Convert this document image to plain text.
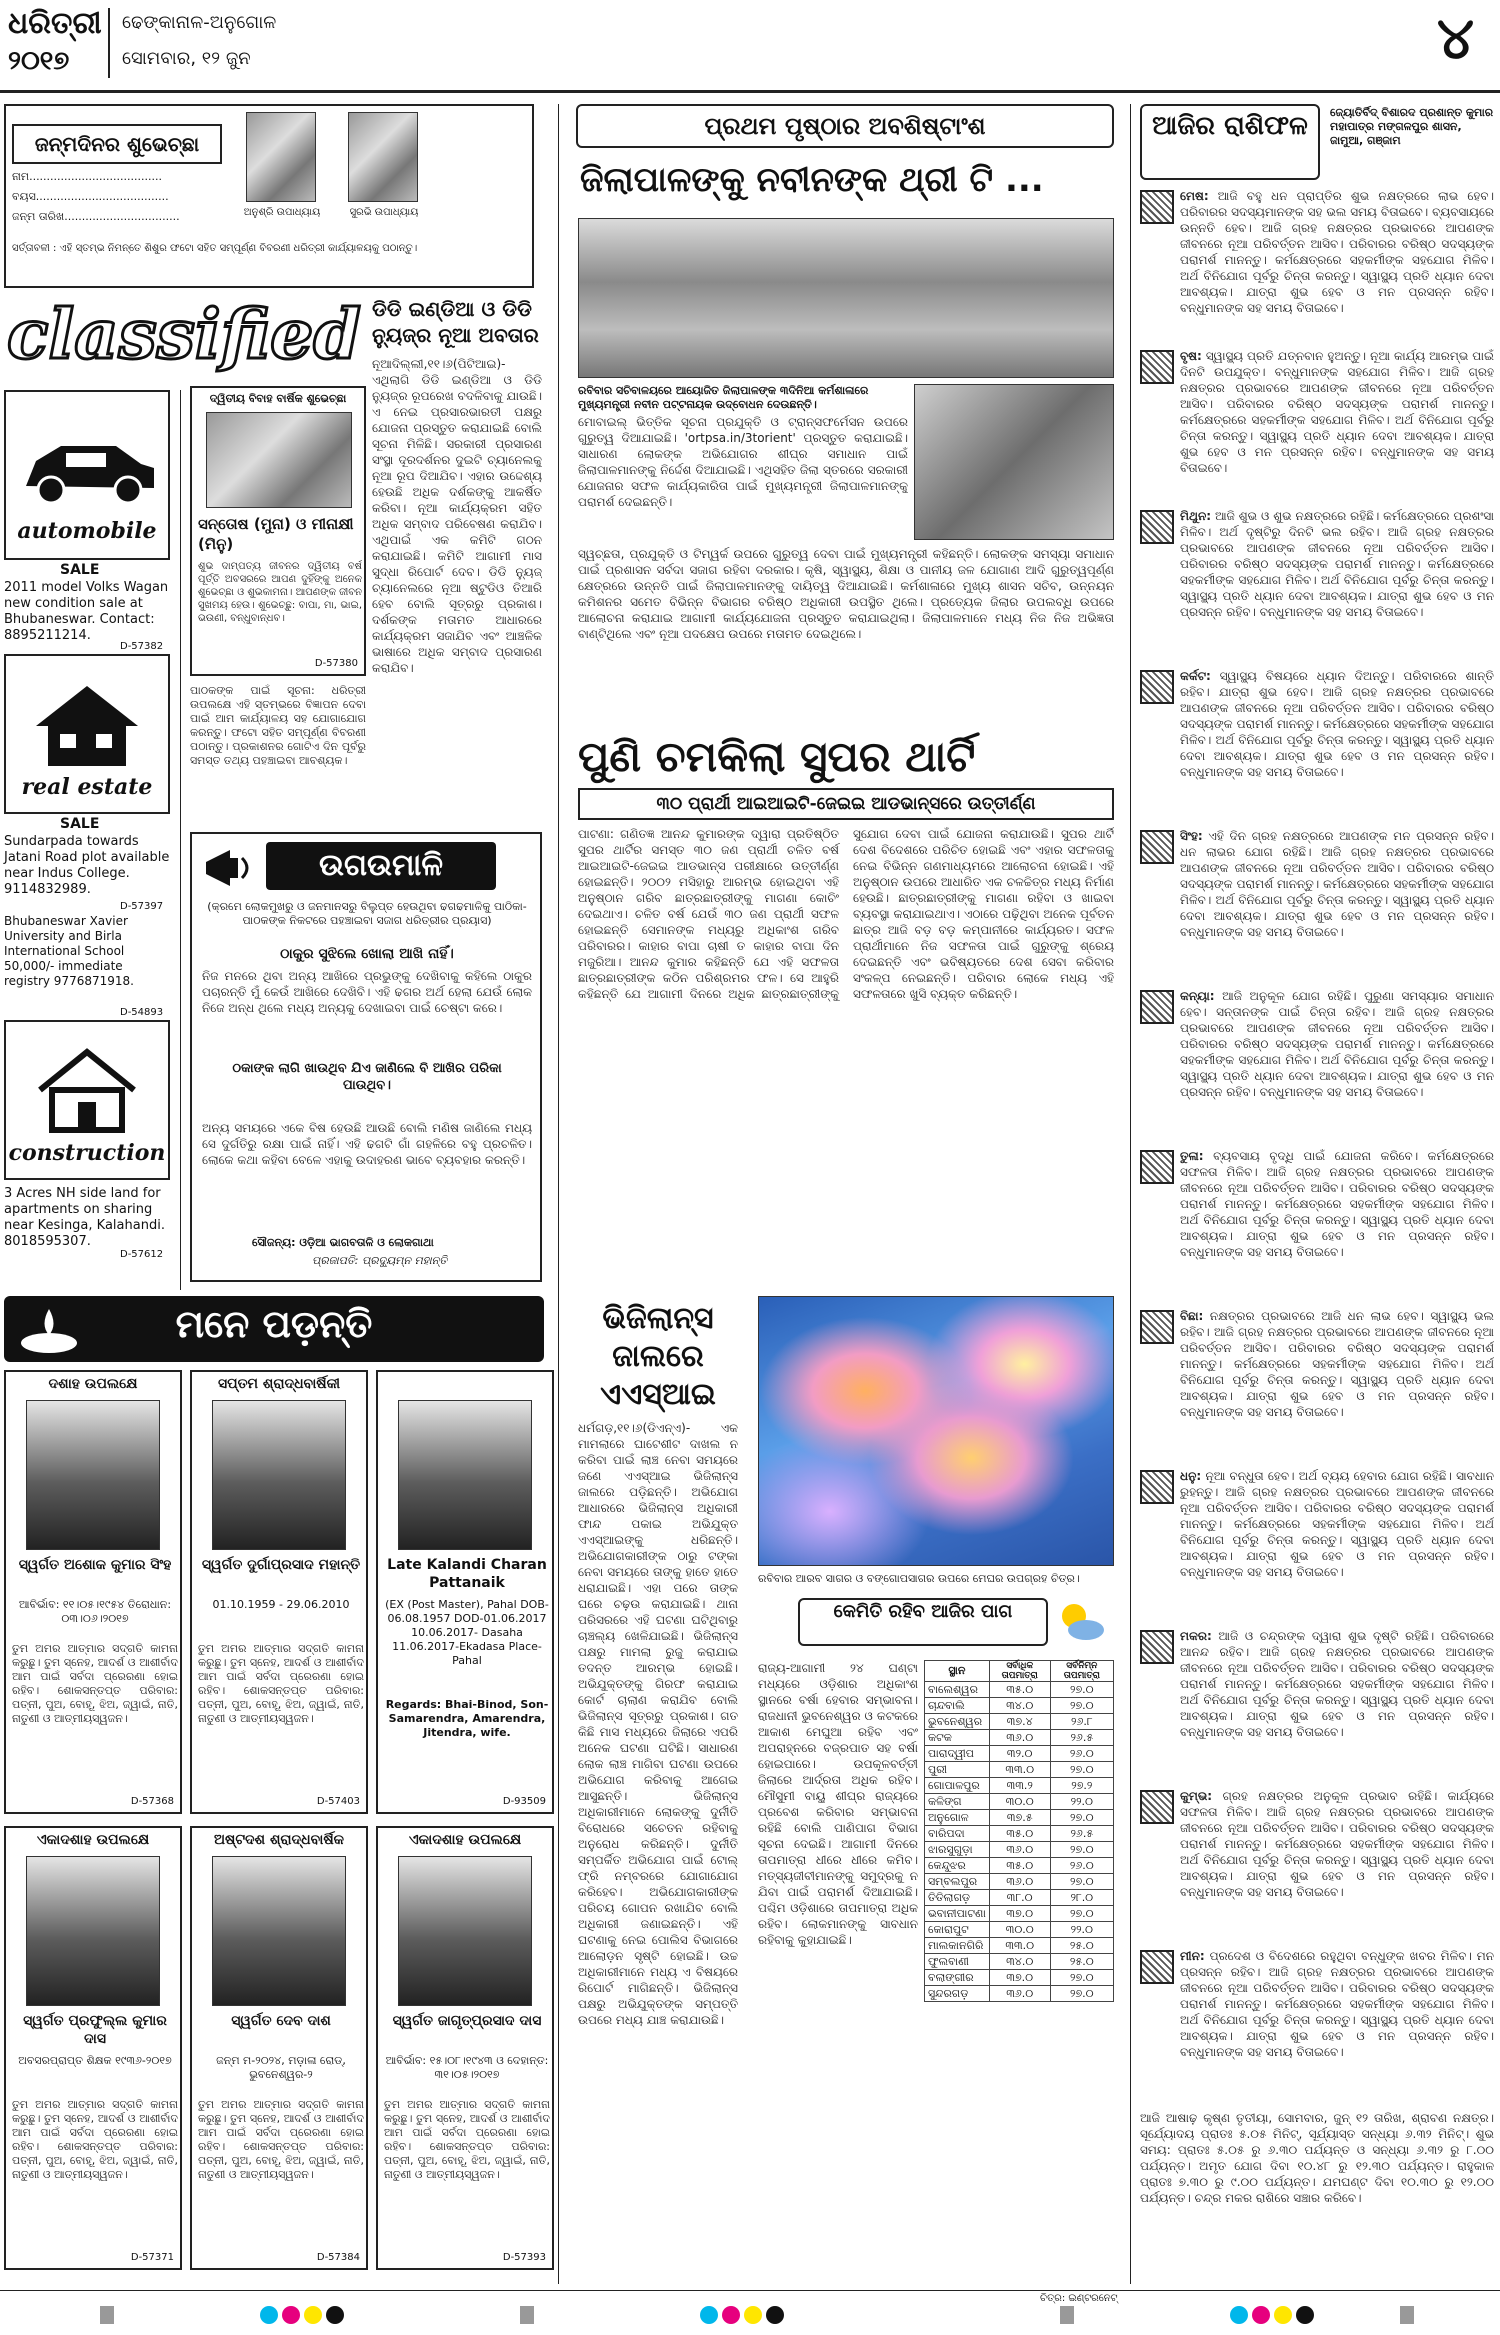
ଧରିତ୍ରୀ
୨୦୧୭
ଢେଙ୍କାନାଳ-ଅନୁଗୋଳ
ସୋମବାର, ୧୨ ଜୁନ	୪
ଜନ୍ମଦିନର ଶୁଭେଚ୍ଛା
ନାମ......................................
ବୟସ......................................
ଜନ୍ମ ତାରିଖ.................................	ଅନୁଶ୍ରି ଉପାଧ୍ୟାୟ	ସୁରଭି ଉପାଧ୍ୟାୟ
ସର୍ତ୍ତାବଳୀ : ଏହି ସ୍ତମ୍ଭ ନିମନ୍ତେ ଶିଶୁର ଫଟୋ ସହିତ ସମ୍ପୂର୍ଣ୍ଣ ବିବରଣୀ ଧରିତ୍ରୀ କାର୍ଯ୍ୟାଳୟକୁ ପଠାନ୍ତୁ।
classified
automobile
SALE
2011 model Volks Wagan new condition sale at Bhubaneswar. Contact: 8895211214.
D-57382
real estate
SALE
Sundarpada towards Jatani Road plot available near Indus College. 9114832989.
D-57397
Bhubaneswar Xavier University and Birla International School 50,000/- immediate registry 9776871918.
D-54893
construction
3 Acres NH side land for apartments on sharing near Kesinga, Kalahandi. 8018595307.
D-57612
ଡିଡି ଇଣ୍ଡିଆ ଓ ଡିଡି ନ୍ୟୁଜ୍‌ର ନୂଆ ଅବତାର
ନୂଆଦିଲ୍ଲୀ,୧୧।୬(ପିଟିଆଇ)- ଏଥିଲାଗି ଡିଡି ଇଣ୍ଡିଆ ଓ ଡିଡି ନ୍ୟୁଜ୍‌ର ରୂପରେଖ ବଦଳିବାକୁ ଯାଉଛି। ଏ ନେଇ ପ୍ରସାରଭାରତୀ ପକ୍ଷରୁ ଯୋଜନା ପ୍ରସ୍ତୁତ କରାଯାଇଛି ବୋଲି ସୂଚନା ମିଳିଛି। ସରକାରୀ ପ୍ରସାରଣ ସଂସ୍ଥା ଦୂରଦର୍ଶନର ଦୁଇଟି ଚ୍ୟାନେଲକୁ ନୂଆ ରୂପ ଦିଆଯିବ। ଏହାର ଉଦ୍ଦେଶ୍ୟ ହେଉଛି ଅଧିକ ଦର୍ଶକଙ୍କୁ ଆକର୍ଷିତ କରିବା। ନୂଆ କାର୍ଯ୍ୟକ୍ରମ ସହିତ ଅଧିକ ସମ୍ବାଦ ପରିବେଷଣ କରାଯିବ। ଏଥିପାଇଁ ଏକ କମିଟି ଗଠନ କରାଯାଇଛି। କମିଟି ଆଗାମୀ ମାସ ସୁଦ୍ଧା ରିପୋର୍ଟ ଦେବ। ଡିଡି ନ୍ୟୁଜ୍ ଚ୍ୟାନେଲରେ ନୂଆ ଷ୍ଟୁଡିଓ ତିଆରି ହେବ ବୋଲି ସୂତ୍ରରୁ ପ୍ରକାଶ। ଦର୍ଶକଙ୍କ ମତାମତ ଆଧାରରେ କାର୍ଯ୍ୟକ୍ରମ ସଜାଯିବ ଏବଂ ଆଞ୍ଚଳିକ ଭାଷାରେ ଅଧିକ ସମ୍ବାଦ ପ୍ରସାରଣ କରାଯିବ।
ଦ୍ୱିତୀୟ ବିବାହ ବାର୍ଷିକ ଶୁଭେଚ୍ଛା
ସନ୍ତୋଷ (ମୁନା) ଓ ମୀନାକ୍ଷୀ (ମିନୁ)
ଶୁଭ ଦାମ୍ପତ୍ୟ ଜୀବନର ଦ୍ୱିତୀୟ ବର୍ଷ ପୂର୍ତ୍ତି ଅବସରରେ ଆପଣ ଦୁହିଁଙ୍କୁ ଅନେକ ଶୁଭେଚ୍ଛା ଓ ଶୁଭକାମନା। ଆପଣଙ୍କ ଜୀବନ ସୁଖମୟ ହେଉ। ଶୁଭେଚ୍ଛୁ: ବାପା, ମା, ଭାଇ, ଭଉଣୀ, ବନ୍ଧୁବାନ୍ଧବ।
D-57380
ପାଠକଙ୍କ ପାଇଁ ସୂଚନା: ଧରିତ୍ରୀ ଉପଲକ୍ଷେ ଏହି ସ୍ତମ୍ଭରେ ବିଜ୍ଞାପନ ଦେବା ପାଇଁ ଆମ କାର୍ଯ୍ୟାଳୟ ସହ ଯୋଗାଯୋଗ କରନ୍ତୁ। ଫଟୋ ସହିତ ସମ୍ପୂର୍ଣ୍ଣ ବିବରଣୀ ପଠାନ୍ତୁ। ପ୍ରକାଶନର ଗୋଟିଏ ଦିନ ପୂର୍ବରୁ ସମସ୍ତ ତଥ୍ୟ ପହଞ୍ଚାଇବା ଆବଶ୍ୟକ।
ଉଗଉମାଳି
(କ୍ରମେ ଲୋକମୁଖରୁ ଓ ଜନମାନସରୁ ବିଲୁପ୍ତ ହେଉଥିବା ଢଗଢମାଳିକୁ ପାଠିକା-ପାଠକଙ୍କ ନିକଟରେ ପହଞ୍ଚାଇବା ସଜାଗ ଧରିତ୍ରୀର ପ୍ରୟାସ)
ଠାକୁର ସୁଝିଲେ ଖୋଲା ଆଖି ନାହିଁ।
ନିଜ ମନରେ ଥିବା ଅନ୍ୟ ଆଖିରେ ପ୍ରଭୁଙ୍କୁ ଦେଖିବାକୁ କହିଲେ ଠାକୁର ପଚାରନ୍ତି ମୁଁ କେଉଁ ଆଖିରେ ଦେଖିବି। ଏହି ଢଗର ଅର୍ଥ ହେଲା ଯେଉଁ ଲୋକ ନିଜେ ଅନ୍ଧ ଥିଲେ ମଧ୍ୟ ଅନ୍ୟକୁ ଦେଖାଇବା ପାଇଁ ଚେଷ୍ଟା କରେ।
ଠକାଙ୍କ ଲାଗି ଖାଉଥିବ ଯିଏ ଜାଣିଲେ ବି ଆଖିର ପରିକା ପାଉଥିବ।
ଅନ୍ୟ ସମୟରେ ଏକେ ବିଷ ହେଉଛି ଆଉଛି ବୋଲି ମଣିଷ ଜାଣିଲେ ମଧ୍ୟ ସେ ଦୁର୍ଗତିରୁ ରକ୍ଷା ପାଇଁ ନାହିଁ। ଏହି ଢଗଟି ଗାଁ ଗହଳିରେ ବହୁ ପ୍ରଚଳିତ। ଲୋକେ କଥା କହିବା ବେଳେ ଏହାକୁ ଉଦାହରଣ ଭାବେ ବ୍ୟବହାର କରନ୍ତି।
ସୌଜନ୍ୟ: ଓଡ଼ିଆ ଭାଗବତାଳି ଓ ଲୋକଗାଥା
ପ୍ରଜାପତି: ପ୍ରଦ୍ୟୁମ୍ନ ମହାନ୍ତି
ମନେ ପଡ଼ନ୍ତି
ଦଶାହ ଉପଲକ୍ଷେ
ସ୍ୱର୍ଗତ ଅଶୋକ କୁମାର ସିଂହ
ଆବିର୍ଭାବ: ୧୧।୦୫।୧୯୫୪ ତିରୋଧାନ: ୦୩।୦୬।୨୦୧୭
ତୁମ ଅମର ଆତ୍ମାର ସଦ୍‌ଗତି କାମନା କରୁଛୁ। ତୁମ ସ୍ନେହ, ଆଦର୍ଶ ଓ ଆଶୀର୍ବାଦ ଆମ ପାଇଁ ସର୍ବଦା ପ୍ରେରଣା ହୋଇ ରହିବ। ଶୋକସନ୍ତପ୍ତ ପରିବାର: ପତ୍ନୀ, ପୁଅ, ବୋହୂ, ଝିଅ, ଜ୍ୱାଇଁ, ନାତି, ନାତୁଣୀ ଓ ଆତ୍ମୀୟସ୍ୱଜନ।
D-57368
ସପ୍ତମ ଶ୍ରାଦ୍ଧବାର୍ଷିକୀ
ସ୍ୱର୍ଗତ ଦୁର୍ଗାପ୍ରସାଦ ମହାନ୍ତି
01.10.1959 - 29.06.2010
ତୁମ ଅମର ଆତ୍ମାର ସଦ୍‌ଗତି କାମନା କରୁଛୁ। ତୁମ ସ୍ନେହ, ଆଦର୍ଶ ଓ ଆଶୀର୍ବାଦ ଆମ ପାଇଁ ସର୍ବଦା ପ୍ରେରଣା ହୋଇ ରହିବ। ଶୋକସନ୍ତପ୍ତ ପରିବାର: ପତ୍ନୀ, ପୁଅ, ବୋହୂ, ଝିଅ, ଜ୍ୱାଇଁ, ନାତି, ନାତୁଣୀ ଓ ଆତ୍ମୀୟସ୍ୱଜନ।
D-57403
Late Kalandi Charan Pattanaik
(EX (Post Master), Pahal DOB-06.08.1957 DOD-01.06.2017 10.06.2017- Dasaha 11.06.2017-Ekadasa Place-Pahal
Regards: Bhai-Binod, Son-Samarendra, Amarendra, Jitendra, wife.
D-93509
ଏକାଦଶାହ ଉପଲକ୍ଷେ
ସ୍ୱର୍ଗତ ପ୍ରଫୁଲ୍ଲ କୁମାର ଦାସ
ଅବସରପ୍ରାପ୍ତ ଶିକ୍ଷକ ୧୯୩୬-୨୦୧୭
ତୁମ ଅମର ଆତ୍ମାର ସଦ୍‌ଗତି କାମନା କରୁଛୁ। ତୁମ ସ୍ନେହ, ଆଦର୍ଶ ଓ ଆଶୀର୍ବାଦ ଆମ ପାଇଁ ସର୍ବଦା ପ୍ରେରଣା ହୋଇ ରହିବ। ଶୋକସନ୍ତପ୍ତ ପରିବାର: ପତ୍ନୀ, ପୁଅ, ବୋହୂ, ଝିଅ, ଜ୍ୱାଇଁ, ନାତି, ନାତୁଣୀ ଓ ଆତ୍ମୀୟସ୍ୱଜନ।
D-57371
ଅଷ୍ଟଦଶ ଶ୍ରାଦ୍ଧବାର୍ଷିକ
ସ୍ୱର୍ଗତ ଦେବ ଦାଶ
ଜନ୍ମ ମ-୨୦୨୪, ମଡ଼ାଳା ରୋଡ୍, ଭୁବନେଶ୍ୱର-୨
ତୁମ ଅମର ଆତ୍ମାର ସଦ୍‌ଗତି କାମନା କରୁଛୁ। ତୁମ ସ୍ନେହ, ଆଦର୍ଶ ଓ ଆଶୀର୍ବାଦ ଆମ ପାଇଁ ସର୍ବଦା ପ୍ରେରଣା ହୋଇ ରହିବ। ଶୋକସନ୍ତପ୍ତ ପରିବାର: ପତ୍ନୀ, ପୁଅ, ବୋହୂ, ଝିଅ, ଜ୍ୱାଇଁ, ନାତି, ନାତୁଣୀ ଓ ଆତ୍ମୀୟସ୍ୱଜନ।
D-57384
ଏକାଦଶାହ ଉପଲକ୍ଷେ
ସ୍ୱର୍ଗତ ଜାଗୃତ୍‌ପ୍ରସାଦ ଦାସ
ଆବିର୍ଭାବ: ୧୫।୦୮।୧୯୪୩ ଓ ଦେହାନ୍ତ: ୩୧।୦୫।୨୦୧୭
ତୁମ ଅମର ଆତ୍ମାର ସଦ୍‌ଗତି କାମନା କରୁଛୁ। ତୁମ ସ୍ନେହ, ଆଦର୍ଶ ଓ ଆଶୀର୍ବାଦ ଆମ ପାଇଁ ସର୍ବଦା ପ୍ରେରଣା ହୋଇ ରହିବ। ଶୋକସନ୍ତପ୍ତ ପରିବାର: ପତ୍ନୀ, ପୁଅ, ବୋହୂ, ଝିଅ, ଜ୍ୱାଇଁ, ନାତି, ନାତୁଣୀ ଓ ଆତ୍ମୀୟସ୍ୱଜନ।
D-57393
ପ୍ରଥମ ପୃଷ୍ଠାର ଅବଶିଷ୍ଟାଂଶ
ଜିଲାପାଳଙ୍କୁ ନବୀନଙ୍କ ଥ୍ରୀ ଟି ...
ରବିବାର ସଚିବାଳୟରେ ଆୟୋଜିତ ଜିଲାପାଳଙ୍କ ୩ଦିନିଆ କର୍ମଶାଳାରେ ମୁଖ୍ୟମନ୍ତ୍ରୀ ନବୀନ ପଟ୍ଟନାୟକ ଉଦ୍‌ବୋଧନ ଦେଉଛନ୍ତି।
ମୋବାଇଲ୍‌ ଭିତ୍ତିକ ସୂଚନା ପ୍ରଯୁକ୍ତି ଓ ଟ୍ରାନ୍ସଫର୍ମେସନ ଉପରେ ଗୁରୁତ୍ୱ ଦିଆଯାଇଛି। 'ortpsa.in/3torient' ପ୍ରସ୍ତୁତ କରାଯାଇଛି। ସାଧାରଣ ଲୋକଙ୍କ ଅଭିଯୋଗର ଶୀଘ୍ର ସମାଧାନ ପାଇଁ ଜିଲାପାଳମାନଙ୍କୁ ନିର୍ଦ୍ଦେଶ ଦିଆଯାଇଛି। ଏଥିସହିତ ଜିଲା ସ୍ତରରେ ସରକାରୀ ଯୋଜନାର ସଫଳ କାର୍ଯ୍ୟକାରିତା ପାଇଁ ମୁଖ୍ୟମନ୍ତ୍ରୀ ଜିଲାପାଳମାନଙ୍କୁ ପରାମର୍ଶ ଦେଇଛନ୍ତି।
ସ୍ୱଚ୍ଛତା, ପ୍ରଯୁକ୍ତି ଓ ଟିମ୍‌ୱର୍କ ଉପରେ ଗୁରୁତ୍ୱ ଦେବା ପାଇଁ ମୁଖ୍ୟମନ୍ତ୍ରୀ କହିଛନ୍ତି। ଲୋକଙ୍କ ସମସ୍ୟା ସମାଧାନ ପାଇଁ ପ୍ରଶାସନ ସର୍ବଦା ସଜାଗ ରହିବା ଦରକାର। କୃଷି, ସ୍ୱାସ୍ଥ୍ୟ, ଶିକ୍ଷା ଓ ପାନୀୟ ଜଳ ଯୋଗାଣ ଆଦି ଗୁରୁତ୍ୱପୂର୍ଣ୍ଣ କ୍ଷେତ୍ରରେ ଉନ୍ନତି ପାଇଁ ଜିଲାପାଳମାନଙ୍କୁ ଦାୟିତ୍ୱ ଦିଆଯାଇଛି। କର୍ମଶାଳାରେ ମୁଖ୍ୟ ଶାସନ ସଚିବ, ଉନ୍ନୟନ କମିଶନର ସମେତ ବିଭିନ୍ନ ବିଭାଗର ବରିଷ୍ଠ ଅଧିକାରୀ ଉପସ୍ଥିତ ଥିଲେ। ପ୍ରତ୍ୟେକ ଜିଲାର ଉପଲବ୍ଧି ଉପରେ ଆଲୋଚନା କରାଯାଇ ଆଗାମୀ କାର୍ଯ୍ୟଯୋଜନା ପ୍ରସ୍ତୁତ କରାଯାଇଥିଲା। ଜିଲାପାଳମାନେ ମଧ୍ୟ ନିଜ ନିଜ ଅଭିଜ୍ଞତା ବାଣ୍ଟିଥିଲେ ଏବଂ ନୂଆ ପଦକ୍ଷେପ ଉପରେ ମତାମତ ଦେଇଥିଲେ।
ପୁଣି ଚମକିଲା ସୁପର ଥାର୍ଟି
୩୦ ପ୍ରାର୍ଥୀ ଆଇଆଇଟି-ଜେଇଇ ଆଡଭାନ୍ସରେ ଉତ୍ତୀର୍ଣ୍ଣ
ପାଟଣା: ଗଣିତଜ୍ଞ ଆନନ୍ଦ କୁମାରଙ୍କ ଦ୍ୱାରା ପ୍ରତିଷ୍ଠିତ ସୁପର ଥାର୍ଟିର ସମସ୍ତ ୩୦ ଜଣ ପ୍ରାର୍ଥୀ ଚଳିତ ବର୍ଷ ଆଇଆଇଟି-ଜେଇଇ ଆଡଭାନ୍ସ ପରୀକ୍ଷାରେ ଉତ୍ତୀର୍ଣ୍ଣ ହୋଇଛନ୍ତି। ୨୦୦୨ ମସିହାରୁ ଆରମ୍ଭ ହୋଇଥିବା ଏହି ଅନୁଷ୍ଠାନ ଗରିବ ଛାତ୍ରଛାତ୍ରୀଙ୍କୁ ମାଗଣା କୋଚିଂ ଦେଇଥାଏ। ଚଳିତ ବର୍ଷ ଯେଉଁ ୩୦ ଜଣ ପ୍ରାର୍ଥୀ ସଫଳ ହୋଇଛନ୍ତି ସେମାନଙ୍କ ମଧ୍ୟରୁ ଅଧିକାଂଶ ଗରିବ ପରିବାରର। କାହାର ବାପା ଚାଷୀ ତ କାହାର ବାପା ଦିନ ମଜୁରିଆ। ଆନନ୍ଦ କୁମାର କହିଛନ୍ତି ଯେ ଏହି ସଫଳତା ଛାତ୍ରଛାତ୍ରୀଙ୍କ କଠିନ ପରିଶ୍ରମର ଫଳ। ସେ ଆହୁରି କହିଛନ୍ତି ଯେ ଆଗାମୀ ଦିନରେ ଅଧିକ ଛାତ୍ରଛାତ୍ରୀଙ୍କୁ ସୁଯୋଗ ଦେବା ପାଇଁ ଯୋଜନା କରାଯାଉଛି। ସୁପର ଥାର୍ଟି ଦେଶ ବିଦେଶରେ ପରିଚିତ ହୋଇଛି ଏବଂ ଏହାର ସଫଳତାକୁ ନେଇ ବିଭିନ୍ନ ଗଣମାଧ୍ୟମରେ ଆଲୋଚନା ହୋଇଛି। ଏହି ଅନୁଷ୍ଠାନ ଉପରେ ଆଧାରିତ ଏକ ଚଳଚ୍ଚିତ୍ର ମଧ୍ୟ ନିର୍ମାଣ ହେଉଛି। ଛାତ୍ରଛାତ୍ରୀଙ୍କୁ ମାଗଣା ରହିବା ଓ ଖାଇବା ବ୍ୟବସ୍ଥା କରାଯାଇଥାଏ। ଏଠାରେ ପଢ଼ିଥିବା ଅନେକ ପୂର୍ବତନ ଛାତ୍ର ଆଜି ବଡ଼ ବଡ଼ କମ୍ପାନୀରେ କାର୍ଯ୍ୟରତ। ସଫଳ ପ୍ରାର୍ଥୀମାନେ ନିଜ ସଫଳତା ପାଇଁ ଗୁରୁଙ୍କୁ ଶ୍ରେୟ ଦେଇଛନ୍ତି ଏବଂ ଭବିଷ୍ୟତରେ ଦେଶ ସେବା କରିବାର ସଂକଳ୍ପ ନେଇଛନ୍ତି। ପରିବାର ଲୋକେ ମଧ୍ୟ ଏହି ସଫଳତାରେ ଖୁସି ବ୍ୟକ୍ତ କରିଛନ୍ତି।
ଭିଜିଲାନ୍ସ ଜାଲରେ ଏଏସ୍‌ଆଇ
ଧର୍ମଗଡ଼,୧୧।୬(ଡିଏନ୍‌ଏ)- ଏକ ମାମଲାରେ ଘାଟେଶୀଟ ଦାଖଲ ନ କରିବା ପାଇଁ ଲାଞ୍ଚ ନେବା ସମୟରେ ଜଣେ ଏଏସ୍‌ଆଇ ଭିଜିଲାନ୍ସ ଜାଲରେ ପଡ଼ିଛନ୍ତି। ଅଭିଯୋଗ ଆଧାରରେ ଭିଜିଲାନ୍ସ ଅଧିକାରୀ ଫାନ୍ଦ ପକାଇ ଅଭିଯୁକ୍ତ ଏଏସ୍‌ଆଇଙ୍କୁ ଧରିଛନ୍ତି। ଅଭିଯୋଗକାରୀଙ୍କ ଠାରୁ ଟଙ୍କା ନେବା ସମୟରେ ତାଙ୍କୁ ହାତେ ହାତେ ଧରାଯାଇଛି। ଏହା ପରେ ତାଙ୍କ ଘରେ ଚଢ଼ଉ କରାଯାଇଛି। ଥାନା ପରିସରରେ ଏହି ଘଟଣା ଘଟିଥିବାରୁ ଚାଞ୍ଚଲ୍ୟ ଖେଳିଯାଇଛି। ଭିଜିଲାନ୍ସ ପକ୍ଷରୁ ମାମଲା ରୁଜୁ କରାଯାଇ ତଦନ୍ତ ଆରମ୍ଭ ହୋଇଛି। ଅଭିଯୁକ୍ତଙ୍କୁ ଗିରଫ କରାଯାଇ କୋର୍ଟ ଚାଲାଣ କରାଯିବ ବୋଲି ଭିଜିଲାନ୍ସ ସୂତ୍ରରୁ ପ୍ରକାଶ। ଗତ କିଛି ମାସ ମଧ୍ୟରେ ଜିଲାରେ ଏପରି ଅନେକ ଘଟଣା ଘଟିଛି। ସାଧାରଣ ଲୋକ ଲାଞ୍ଚ ମାଗିବା ଘଟଣା ଉପରେ ଅଭିଯୋଗ କରିବାକୁ ଆଗେଇ ଆସୁଛନ୍ତି। ଭିଜିଲାନ୍ସ ଅଧିକାରୀମାନେ ଲୋକଙ୍କୁ ଦୁର୍ନୀତି ବିରୋଧରେ ସଚେତନ ରହିବାକୁ ଅନୁରୋଧ କରିଛନ୍ତି। ଦୁର୍ନୀତି ସମ୍ପର୍କିତ ଅଭିଯୋଗ ପାଇଁ ଟୋଲ୍ ଫ୍ରି ନମ୍ବରରେ ଯୋଗାଯୋଗ କରିହେବ। ଅଭିଯୋଗକାରୀଙ୍କ ପରିଚୟ ଗୋପନ ରଖାଯିବ ବୋଲି ଅଧିକାରୀ ଜଣାଇଛନ୍ତି। ଏହି ଘଟଣାକୁ ନେଇ ପୋଲିସ ବିଭାଗରେ ଆଲୋଡ଼ନ ସୃଷ୍ଟି ହୋଇଛି। ଉଚ୍ଚ ଅଧିକାରୀମାନେ ମଧ୍ୟ ଏ ବିଷୟରେ ରିପୋର୍ଟ ମାଗିଛନ୍ତି। ଭିଜିଲାନ୍ସ ପକ୍ଷରୁ ଅଭିଯୁକ୍ତଙ୍କ ସମ୍ପତ୍ତି ଉପରେ ମଧ୍ୟ ଯାଞ୍ଚ କରାଯାଉଛି।
ରବିବାର ଆରବ ସାଗର ଓ ବଙ୍ଗୋପସାଗର ଉପରେ ମେଘର ଉପଗ୍ରହ ଚିତ୍ର।
କେମିତି ରହିବ ଆଜିର ପାଗ
ରାଜ୍ୟ-ଆଗାମୀ ୨୪ ଘଣ୍ଟା ମଧ୍ୟରେ ଓଡ଼ିଶାର ଅଧିକାଂଶ ସ୍ଥାନରେ ବର୍ଷା ହେବାର ସମ୍ଭାବନା। ରାଜଧାନୀ ଭୁବନେଶ୍ୱର ଓ କଟକରେ ଆକାଶ ମେଘୁଆ ରହିବ ଏବଂ ଅପରାହ୍ନରେ ବଜ୍ରପାତ ସହ ବର୍ଷା ହୋଇପାରେ। ଉପକୂଳବର୍ତ୍ତୀ ଜିଲାରେ ଆର୍ଦ୍ରତା ଅଧିକ ରହିବ। ମୌସୁମୀ ବାୟୁ ଶୀଘ୍ର ରାଜ୍ୟରେ ପ୍ରବେଶ କରିବାର ସମ୍ଭାବନା ରହିଛି ବୋଲି ପାଣିପାଗ ବିଭାଗ ସୂଚନା ଦେଇଛି। ଆଗାମୀ ଦିନରେ ତାପମାତ୍ରା ଧୀରେ ଧୀରେ କମିବ। ମତ୍ସ୍ୟଜୀବୀମାନଙ୍କୁ ସମୁଦ୍ରକୁ ନ ଯିବା ପାଇଁ ପରାମର୍ଶ ଦିଆଯାଇଛି। ପଶ୍ଚିମ ଓଡ଼ିଶାରେ ତାପମାତ୍ରା ଅଧିକ ରହିବ। ଲୋକମାନଙ୍କୁ ସାବଧାନ ରହିବାକୁ କୁହାଯାଇଛି।
ସ୍ଥାନ	ସର୍ବାଧିକ ତାପମାତ୍ରା	ସର୍ବନିମ୍ନ ତାପମାତ୍ରା
ବାଲେଶ୍ୱର	୩୫.୦	୨୭.୦
ଚାନ୍ଦବାଲି	୩୪.୦	୨୭.୦
ଭୁବନେଶ୍ୱର	୩୭.୪	୨୬.୮
କଟକ	୩୬.୦	୨୬.୫
ପାରାଦ୍ୱୀପ	୩୨.୦	୨୬.୦
ପୁରୀ	୩୩.୦	୨୭.୦
ଗୋପାଳପୁର	୩୩.୨	୨୭.୨
କଳିଙ୍ଗ	୩୦.୦	୨୨.୦
ଅନୁଗୋଳ	୩୭.୫	୨୭.୦
ବାରିପଦା	୩୫.୦	୨୬.୫
ଝାରସୁଗୁଡ଼ା	୩୬.୦	୨୭.୦
କେନ୍ଦୁଝର	୩୫.୦	୨୬.୦
ସମ୍ବଲପୁର	୩୬.୦	୨୭.୦
ତିତିଲାଗଡ଼	୩୮.୦	୨୮.୦
ଭବାନୀପାଟଣା	୩୭.୦	୨୭.୦
କୋରାପୁଟ	୩୦.୦	୨୨.୦
ମାଲକାନଗିରି	୩୩.୦	୨୫.୦
ଫୁଲବାଣୀ	୩୪.୦	୨୫.୦
ବଲାଙ୍ଗୀର	୩୭.୦	୨୭.୦
ସୁନ୍ଦରଗଡ଼	୩୬.୦	୨୭.୦
ଚିତ୍ର: ଇଣ୍ଟରନେଟ୍‌
ଆଜିର ରାଶିଫଳ	ଜ୍ୟୋତିର୍ବିଦ୍ ବିଶାରଦ ପ୍ରଶାନ୍ତ କୁମାର ମହାପାତ୍ର ମଙ୍ଗଳପୁର ଶାସନ, ଜାମୁଆ, ଗଞ୍ଜାମ
ମେଷ: ଆଜି ବହୁ ଧନ ପ୍ରାପ୍ତିର ଶୁଭ ନକ୍ଷତ୍ରରେ ଲାଭ ହେବ। ପରିବାରର ସଦସ୍ୟମାନଙ୍କ ସହ ଭଲ ସମୟ ବିତାଇବେ। ବ୍ୟବସାୟରେ ଉନ୍ନତି ହେବ। ଆଜି ଗ୍ରହ ନକ୍ଷତ୍ରର ପ୍ରଭାବରେ ଆପଣଙ୍କ ଜୀବନରେ ନୂଆ ପରିବର୍ତ୍ତନ ଆସିବ। ପରିବାରର ବରିଷ୍ଠ ସଦସ୍ୟଙ୍କ ପରାମର୍ଶ ମାନନ୍ତୁ। କର୍ମକ୍ଷେତ୍ରରେ ସହକର୍ମୀଙ୍କ ସହଯୋଗ ମିଳିବ। ଅର୍ଥ ବିନିଯୋଗ ପୂର୍ବରୁ ଚିନ୍ତା କରନ୍ତୁ। ସ୍ୱାସ୍ଥ୍ୟ ପ୍ରତି ଧ୍ୟାନ ଦେବା ଆବଶ୍ୟକ। ଯାତ୍ରା ଶୁଭ ହେବ ଓ ମନ ପ୍ରସନ୍ନ ରହିବ। ବନ୍ଧୁମାନଙ୍କ ସହ ସମୟ ବିତାଇବେ।
ବୃଷ: ସ୍ୱାସ୍ଥ୍ୟ ପ୍ରତି ଯତ୍ନବାନ ହୁଅନ୍ତୁ। ନୂଆ କାର୍ଯ୍ୟ ଆରମ୍ଭ ପାଇଁ ଦିନଟି ଉପଯୁକ୍ତ। ବନ୍ଧୁମାନଙ୍କ ସହଯୋଗ ମିଳିବ। ଆଜି ଗ୍ରହ ନକ୍ଷତ୍ରର ପ୍ରଭାବରେ ଆପଣଙ୍କ ଜୀବନରେ ନୂଆ ପରିବର୍ତ୍ତନ ଆସିବ। ପରିବାରର ବରିଷ୍ଠ ସଦସ୍ୟଙ୍କ ପରାମର୍ଶ ମାନନ୍ତୁ। କର୍ମକ୍ଷେତ୍ରରେ ସହକର୍ମୀଙ୍କ ସହଯୋଗ ମିଳିବ। ଅର୍ଥ ବିନିଯୋଗ ପୂର୍ବରୁ ଚିନ୍ତା କରନ୍ତୁ। ସ୍ୱାସ୍ଥ୍ୟ ପ୍ରତି ଧ୍ୟାନ ଦେବା ଆବଶ୍ୟକ। ଯାତ୍ରା ଶୁଭ ହେବ ଓ ମନ ପ୍ରସନ୍ନ ରହିବ। ବନ୍ଧୁମାନଙ୍କ ସହ ସମୟ ବିତାଇବେ।
ମିଥୁନ: ଆଜି ଶୁଭ ଓ ଶୁଭ ନକ୍ଷତ୍ରରେ ରହିଛି। କର୍ମକ୍ଷେତ୍ରରେ ପ୍ରଶଂସା ମିଳିବ। ଅର୍ଥ ଦୃଷ୍ଟିରୁ ଦିନଟି ଭଲ ରହିବ। ଆଜି ଗ୍ରହ ନକ୍ଷତ୍ରର ପ୍ରଭାବରେ ଆପଣଙ୍କ ଜୀବନରେ ନୂଆ ପରିବର୍ତ୍ତନ ଆସିବ। ପରିବାରର ବରିଷ୍ଠ ସଦସ୍ୟଙ୍କ ପରାମର୍ଶ ମାନନ୍ତୁ। କର୍ମକ୍ଷେତ୍ରରେ ସହକର୍ମୀଙ୍କ ସହଯୋଗ ମିଳିବ। ଅର୍ଥ ବିନିଯୋଗ ପୂର୍ବରୁ ଚିନ୍ତା କରନ୍ତୁ। ସ୍ୱାସ୍ଥ୍ୟ ପ୍ରତି ଧ୍ୟାନ ଦେବା ଆବଶ୍ୟକ। ଯାତ୍ରା ଶୁଭ ହେବ ଓ ମନ ପ୍ରସନ୍ନ ରହିବ। ବନ୍ଧୁମାନଙ୍କ ସହ ସମୟ ବିତାଇବେ।
କର୍କଟ: ସ୍ୱାସ୍ଥ୍ୟ ବିଷୟରେ ଧ୍ୟାନ ଦିଅନ୍ତୁ। ପରିବାରରେ ଶାନ୍ତି ରହିବ। ଯାତ୍ରା ଶୁଭ ହେବ। ଆଜି ଗ୍ରହ ନକ୍ଷତ୍ରର ପ୍ରଭାବରେ ଆପଣଙ୍କ ଜୀବନରେ ନୂଆ ପରିବର୍ତ୍ତନ ଆସିବ। ପରିବାରର ବରିଷ୍ଠ ସଦସ୍ୟଙ୍କ ପରାମର୍ଶ ମାନନ୍ତୁ। କର୍ମକ୍ଷେତ୍ରରେ ସହକର୍ମୀଙ୍କ ସହଯୋଗ ମିଳିବ। ଅର୍ଥ ବିନିଯୋଗ ପୂର୍ବରୁ ଚିନ୍ତା କରନ୍ତୁ। ସ୍ୱାସ୍ଥ୍ୟ ପ୍ରତି ଧ୍ୟାନ ଦେବା ଆବଶ୍ୟକ। ଯାତ୍ରା ଶୁଭ ହେବ ଓ ମନ ପ୍ରସନ୍ନ ରହିବ। ବନ୍ଧୁମାନଙ୍କ ସହ ସମୟ ବିତାଇବେ।
ସିଂହ: ଏହି ଦିନ ଗ୍ରହ ନକ୍ଷତ୍ରରେ ଆପଣଙ୍କ ମନ ପ୍ରସନ୍ନ ରହିବ। ଧନ ଲାଭର ଯୋଗ ରହିଛି। ଆଜି ଗ୍ରହ ନକ୍ଷତ୍ରର ପ୍ରଭାବରେ ଆପଣଙ୍କ ଜୀବନରେ ନୂଆ ପରିବର୍ତ୍ତନ ଆସିବ। ପରିବାରର ବରିଷ୍ଠ ସଦସ୍ୟଙ୍କ ପରାମର୍ଶ ମାନନ୍ତୁ। କର୍ମକ୍ଷେତ୍ରରେ ସହକର୍ମୀଙ୍କ ସହଯୋଗ ମିଳିବ। ଅର୍ଥ ବିନିଯୋଗ ପୂର୍ବରୁ ଚିନ୍ତା କରନ୍ତୁ। ସ୍ୱାସ୍ଥ୍ୟ ପ୍ରତି ଧ୍ୟାନ ଦେବା ଆବଶ୍ୟକ। ଯାତ୍ରା ଶୁଭ ହେବ ଓ ମନ ପ୍ରସନ୍ନ ରହିବ। ବନ୍ଧୁମାନଙ୍କ ସହ ସମୟ ବିତାଇବେ।
କନ୍ୟା: ଆଜି ଅନୁକୂଳ ଯୋଗ ରହିଛି। ପୁରୁଣା ସମସ୍ୟାର ସମାଧାନ ହେବ। ସନ୍ତାନଙ୍କ ପାଇଁ ଚିନ୍ତା ରହିବ। ଆଜି ଗ୍ରହ ନକ୍ଷତ୍ରର ପ୍ରଭାବରେ ଆପଣଙ୍କ ଜୀବନରେ ନୂଆ ପରିବର୍ତ୍ତନ ଆସିବ। ପରିବାରର ବରିଷ୍ଠ ସଦସ୍ୟଙ୍କ ପରାମର୍ଶ ମାନନ୍ତୁ। କର୍ମକ୍ଷେତ୍ରରେ ସହକର୍ମୀଙ୍କ ସହଯୋଗ ମିଳିବ। ଅର୍ଥ ବିନିଯୋଗ ପୂର୍ବରୁ ଚିନ୍ତା କରନ୍ତୁ। ସ୍ୱାସ୍ଥ୍ୟ ପ୍ରତି ଧ୍ୟାନ ଦେବା ଆବଶ୍ୟକ। ଯାତ୍ରା ଶୁଭ ହେବ ଓ ମନ ପ୍ରସନ୍ନ ରହିବ। ବନ୍ଧୁମାନଙ୍କ ସହ ସମୟ ବିତାଇବେ।
ତୁଳା: ବ୍ୟବସାୟ ବୃଦ୍ଧି ପାଇଁ ଯୋଜନା କରିବେ। କର୍ମକ୍ଷେତ୍ରରେ ସଫଳତା ମିଳିବ। ଆଜି ଗ୍ରହ ନକ୍ଷତ୍ରର ପ୍ରଭାବରେ ଆପଣଙ୍କ ଜୀବନରେ ନୂଆ ପରିବର୍ତ୍ତନ ଆସିବ। ପରିବାରର ବରିଷ୍ଠ ସଦସ୍ୟଙ୍କ ପରାମର୍ଶ ମାନନ୍ତୁ। କର୍ମକ୍ଷେତ୍ରରେ ସହକର୍ମୀଙ୍କ ସହଯୋଗ ମିଳିବ। ଅର୍ଥ ବିନିଯୋଗ ପୂର୍ବରୁ ଚିନ୍ତା କରନ୍ତୁ। ସ୍ୱାସ୍ଥ୍ୟ ପ୍ରତି ଧ୍ୟାନ ଦେବା ଆବଶ୍ୟକ। ଯାତ୍ରା ଶୁଭ ହେବ ଓ ମନ ପ୍ରସନ୍ନ ରହିବ। ବନ୍ଧୁମାନଙ୍କ ସହ ସମୟ ବିତାଇବେ।
ବିଛା: ନକ୍ଷତ୍ରର ପ୍ରଭାବରେ ଆଜି ଧନ ଲାଭ ହେବ। ସ୍ୱାସ୍ଥ୍ୟ ଭଲ ରହିବ। ଆଜି ଗ୍ରହ ନକ୍ଷତ୍ରର ପ୍ରଭାବରେ ଆପଣଙ୍କ ଜୀବନରେ ନୂଆ ପରିବର୍ତ୍ତନ ଆସିବ। ପରିବାରର ବରିଷ୍ଠ ସଦସ୍ୟଙ୍କ ପରାମର୍ଶ ମାନନ୍ତୁ। କର୍ମକ୍ଷେତ୍ରରେ ସହକର୍ମୀଙ୍କ ସହଯୋଗ ମିଳିବ। ଅର୍ଥ ବିନିଯୋଗ ପୂର୍ବରୁ ଚିନ୍ତା କରନ୍ତୁ। ସ୍ୱାସ୍ଥ୍ୟ ପ୍ରତି ଧ୍ୟାନ ଦେବା ଆବଶ୍ୟକ। ଯାତ୍ରା ଶୁଭ ହେବ ଓ ମନ ପ୍ରସନ୍ନ ରହିବ। ବନ୍ଧୁମାନଙ୍କ ସହ ସମୟ ବିତାଇବେ।
ଧନୁ: ନୂଆ ବନ୍ଧୁତା ହେବ। ଅର୍ଥ ବ୍ୟୟ ହେବାର ଯୋଗ ରହିଛି। ସାବଧାନ ରୁହନ୍ତୁ। ଆଜି ଗ୍ରହ ନକ୍ଷତ୍ରର ପ୍ରଭାବରେ ଆପଣଙ୍କ ଜୀବନରେ ନୂଆ ପରିବର୍ତ୍ତନ ଆସିବ। ପରିବାରର ବରିଷ୍ଠ ସଦସ୍ୟଙ୍କ ପରାମର୍ଶ ମାନନ୍ତୁ। କର୍ମକ୍ଷେତ୍ରରେ ସହକର୍ମୀଙ୍କ ସହଯୋଗ ମିଳିବ। ଅର୍ଥ ବିନିଯୋଗ ପୂର୍ବରୁ ଚିନ୍ତା କରନ୍ତୁ। ସ୍ୱାସ୍ଥ୍ୟ ପ୍ରତି ଧ୍ୟାନ ଦେବା ଆବଶ୍ୟକ। ଯାତ୍ରା ଶୁଭ ହେବ ଓ ମନ ପ୍ରସନ୍ନ ରହିବ। ବନ୍ଧୁମାନଙ୍କ ସହ ସମୟ ବିତାଇବେ।
ମକର: ଆଜି ଓ ଚନ୍ଦ୍ରଙ୍କ ଦ୍ୱାରା ଶୁଭ ଦୃଷ୍ଟି ରହିଛି। ପରିବାରରେ ଆନନ୍ଦ ରହିବ। ଆଜି ଗ୍ରହ ନକ୍ଷତ୍ରର ପ୍ରଭାବରେ ଆପଣଙ୍କ ଜୀବନରେ ନୂଆ ପରିବର୍ତ୍ତନ ଆସିବ। ପରିବାରର ବରିଷ୍ଠ ସଦସ୍ୟଙ୍କ ପରାମର୍ଶ ମାନନ୍ତୁ। କର୍ମକ୍ଷେତ୍ରରେ ସହକର୍ମୀଙ୍କ ସହଯୋଗ ମିଳିବ। ଅର୍ଥ ବିନିଯୋଗ ପୂର୍ବରୁ ଚିନ୍ତା କରନ୍ତୁ। ସ୍ୱାସ୍ଥ୍ୟ ପ୍ରତି ଧ୍ୟାନ ଦେବା ଆବଶ୍ୟକ। ଯାତ୍ରା ଶୁଭ ହେବ ଓ ମନ ପ୍ରସନ୍ନ ରହିବ। ବନ୍ଧୁମାନଙ୍କ ସହ ସମୟ ବିତାଇବେ।
କୁମ୍ଭ: ଗ୍ରହ ନକ୍ଷତ୍ରର ଅନୁକୂଳ ପ୍ରଭାବ ରହିଛି। କାର୍ଯ୍ୟରେ ସଫଳତା ମିଳିବ। ଆଜି ଗ୍ରହ ନକ୍ଷତ୍ରର ପ୍ରଭାବରେ ଆପଣଙ୍କ ଜୀବନରେ ନୂଆ ପରିବର୍ତ୍ତନ ଆସିବ। ପରିବାରର ବରିଷ୍ଠ ସଦସ୍ୟଙ୍କ ପରାମର୍ଶ ମାନନ୍ତୁ। କର୍ମକ୍ଷେତ୍ରରେ ସହକର୍ମୀଙ୍କ ସହଯୋଗ ମିଳିବ। ଅର୍ଥ ବିନିଯୋଗ ପୂର୍ବରୁ ଚିନ୍ତା କରନ୍ତୁ। ସ୍ୱାସ୍ଥ୍ୟ ପ୍ରତି ଧ୍ୟାନ ଦେବା ଆବଶ୍ୟକ। ଯାତ୍ରା ଶୁଭ ହେବ ଓ ମନ ପ୍ରସନ୍ନ ରହିବ। ବନ୍ଧୁମାନଙ୍କ ସହ ସମୟ ବିତାଇବେ।
ମୀନ: ପ୍ରଦେଶ ଓ ବିଦେଶରେ ରହୁଥିବା ବନ୍ଧୁଙ୍କ ଖବର ମିଳିବ। ମନ ପ୍ରସନ୍ନ ରହିବ। ଆଜି ଗ୍ରହ ନକ୍ଷତ୍ରର ପ୍ରଭାବରେ ଆପଣଙ୍କ ଜୀବନରେ ନୂଆ ପରିବର୍ତ୍ତନ ଆସିବ। ପରିବାରର ବରିଷ୍ଠ ସଦସ୍ୟଙ୍କ ପରାମର୍ଶ ମାନନ୍ତୁ। କର୍ମକ୍ଷେତ୍ରରେ ସହକର୍ମୀଙ୍କ ସହଯୋଗ ମିଳିବ। ଅର୍ଥ ବିନିଯୋଗ ପୂର୍ବରୁ ଚିନ୍ତା କରନ୍ତୁ। ସ୍ୱାସ୍ଥ୍ୟ ପ୍ରତି ଧ୍ୟାନ ଦେବା ଆବଶ୍ୟକ। ଯାତ୍ରା ଶୁଭ ହେବ ଓ ମନ ପ୍ରସନ୍ନ ରହିବ। ବନ୍ଧୁମାନଙ୍କ ସହ ସମୟ ବିତାଇବେ।
ଆଜି ଆଷାଢ଼ କୃଷ୍ଣ ତୃତୀୟା, ସୋମବାର, ଜୁନ୍ ୧୨ ତାରିଖ, ଶ୍ରାବଣ ନକ୍ଷତ୍ର। ସୂର୍ଯ୍ୟୋଦୟ ପ୍ରାତଃ ୫.୦୫ ମିନିଟ୍, ସୂର୍ଯ୍ୟାସ୍ତ ସନ୍ଧ୍ୟା ୬.୩୨ ମିନିଟ୍। ଶୁଭ ସମୟ: ପ୍ରାତଃ ୫.୦୫ ରୁ ୬.୩୦ ପର୍ଯ୍ୟନ୍ତ ଓ ସନ୍ଧ୍ୟା ୬.୩୨ ରୁ ୮.୦୦ ପର୍ଯ୍ୟନ୍ତ। ଅମୃତ ଯୋଗ ଦିବା ୧୦.୪୮ ରୁ ୧୨.୩୦ ପର୍ଯ୍ୟନ୍ତ। ରାହୁକାଳ ପ୍ରାତଃ ୭.୩୦ ରୁ ୯.୦୦ ପର୍ଯ୍ୟନ୍ତ। ଯମଘଣ୍ଟ ଦିବା ୧୦.୩୦ ରୁ ୧୨.୦୦ ପର୍ଯ୍ୟନ୍ତ। ଚନ୍ଦ୍ର ମକର ରାଶିରେ ସଞ୍ଚାର କରିବେ।
